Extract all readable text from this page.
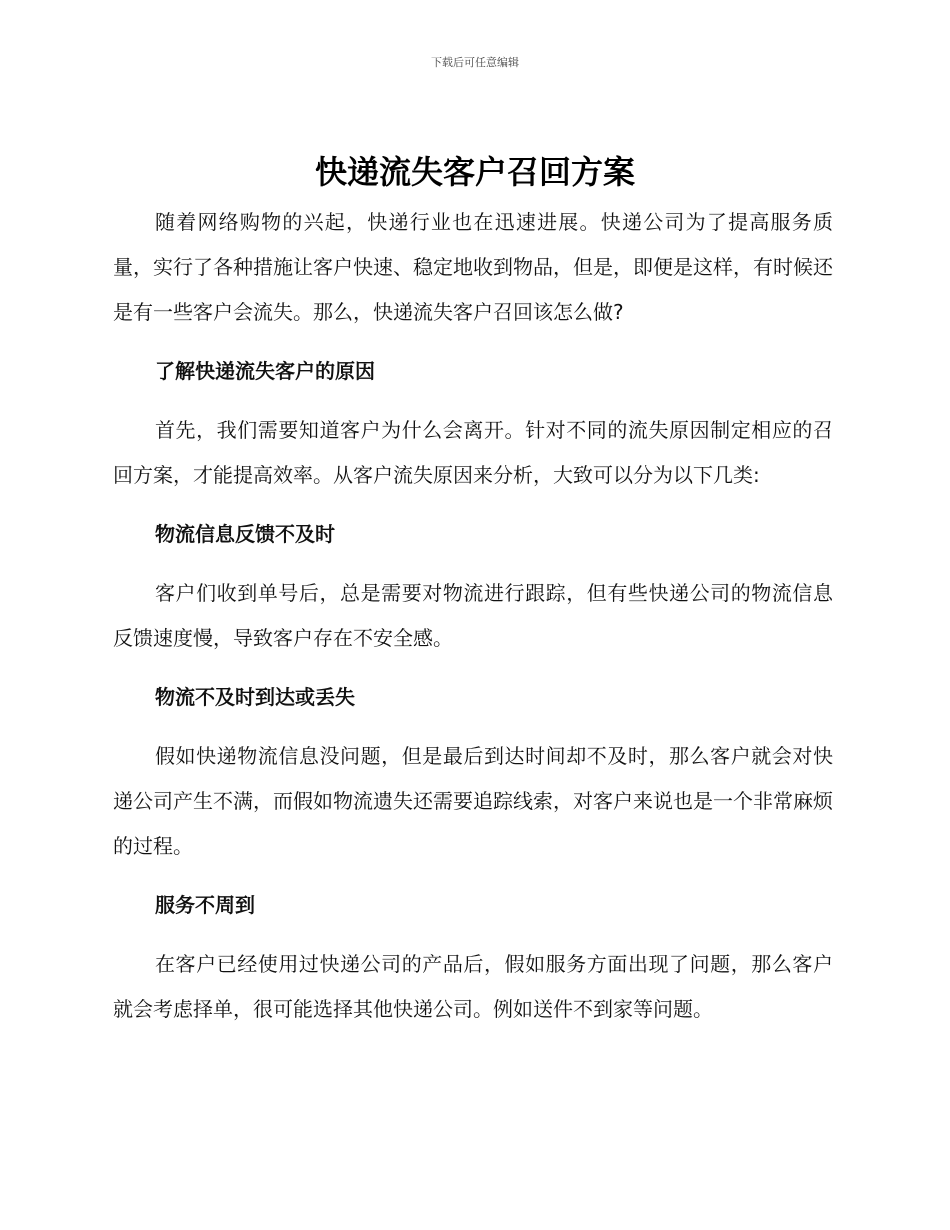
下载后可任意编辑
快递流失客户召回方案

随着网络购物的兴起，快递行业也在迅速进展。快递公司为了提高服务质量，实行了各种措施让客户快速、稳定地收到物品，但是，即便是这样，有时候还是有一些客户会流失。那么，快递流失客户召回该怎么做?

了解快递流失客户的原因

首先，我们需要知道客户为什么会离开。针对不同的流失原因制定相应的召回方案，才能提高效率。从客户流失原因来分析，大致可以分为以下几类:

物流信息反馈不及时

客户们收到单号后，总是需要对物流进行跟踪，但有些快递公司的物流信息反馈速度慢，导致客户存在不安全感。

物流不及时到达或丢失

假如快递物流信息没问题，但是最后到达时间却不及时，那么客户就会对快递公司产生不满，而假如物流遗失还需要追踪线索，对客户来说也是一个非常麻烦的过程。

服务不周到

在客户已经使用过快递公司的产品后，假如服务方面出现了问题，那么客户就会考虑择单，很可能选择其他快递公司。例如送件不到家等问题。
